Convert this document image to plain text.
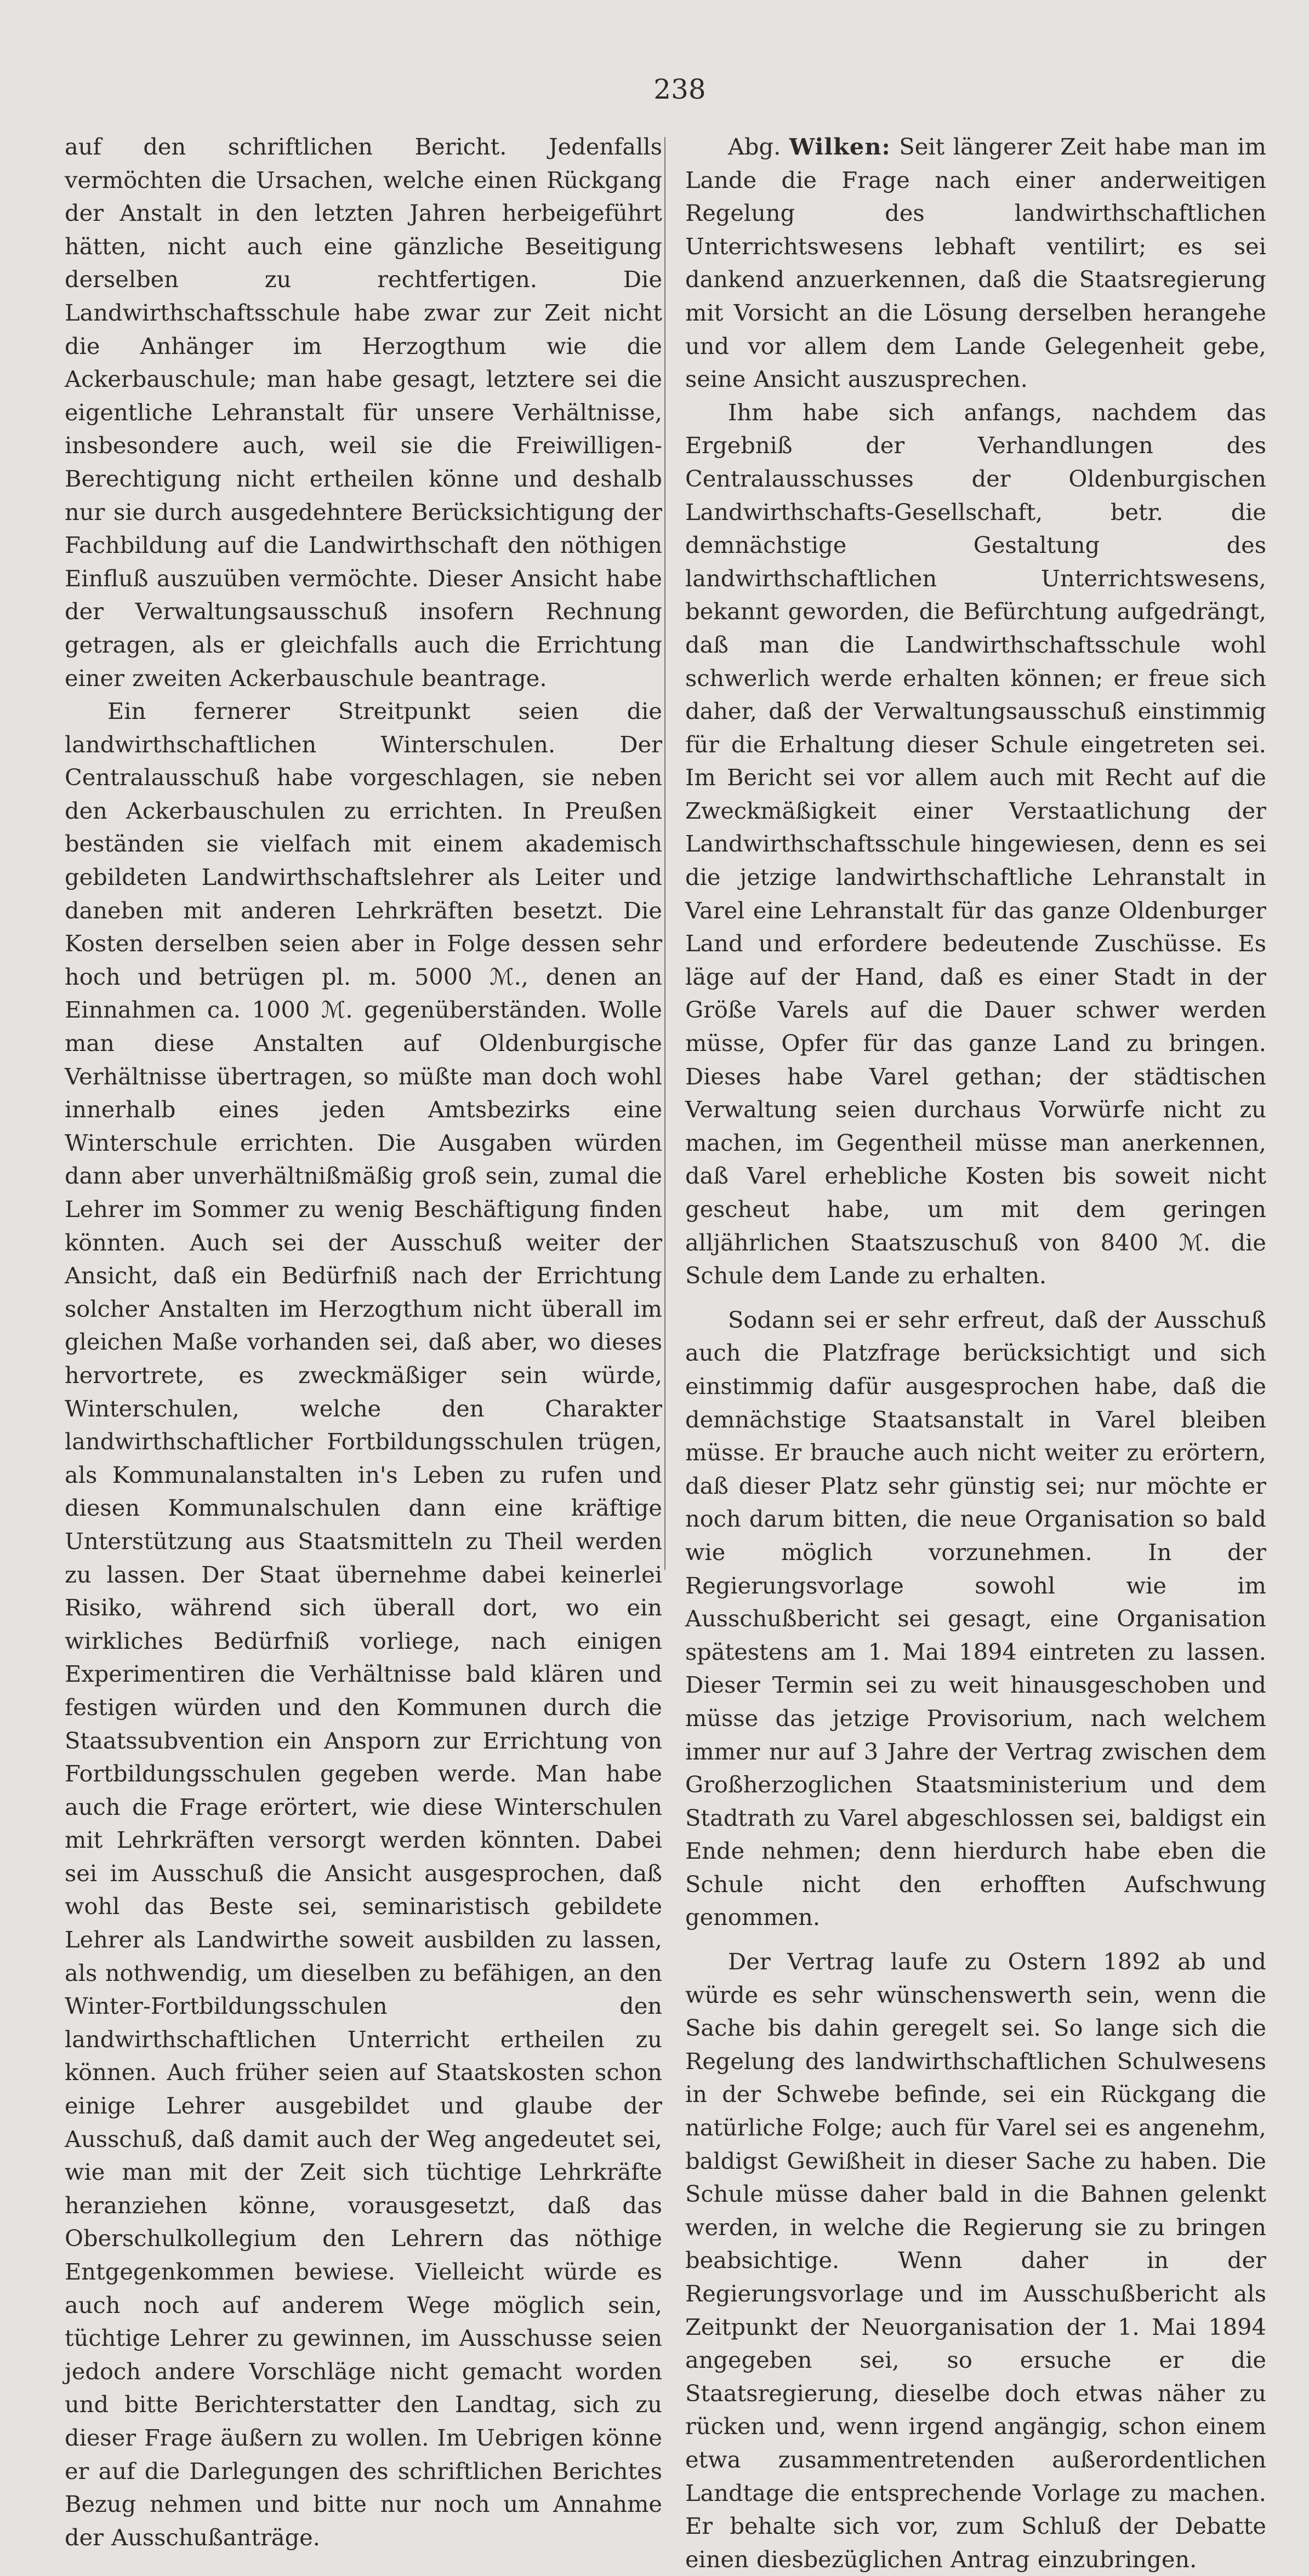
238

auf den schriftlichen Bericht. Jedenfalls vermöchten die Ursachen, welche einen Rückgang der Anstalt in den letzten Jahren herbeigeführt hätten, nicht auch eine gänzliche Beseitigung derselben zu rechtfertigen. Die Landwirthschaftsschule habe zwar zur Zeit nicht die Anhänger im Herzogthum wie die Ackerbauschule; man habe gesagt, letztere sei die eigentliche Lehranstalt für unsere Verhältnisse, insbesondere auch, weil sie die Freiwilligen-Berechtigung nicht ertheilen könne und deshalb nur sie durch ausgedehntere Berücksichtigung der Fachbildung auf die Landwirthschaft den nöthigen Einfluß auszuüben vermöchte. Dieser Ansicht habe der Verwaltungsausschuß insofern Rechnung getragen, als er gleichfalls auch die Errichtung einer zweiten Ackerbauschule beantrage.

Ein fernerer Streitpunkt seien die landwirthschaftlichen Winterschulen. Der Centralausschuß habe vorgeschlagen, sie neben den Ackerbauschulen zu errichten. In Preußen beständen sie vielfach mit einem akademisch gebildeten Landwirthschaftslehrer als Leiter und daneben mit anderen Lehrkräften besetzt. Die Kosten derselben seien aber in Folge dessen sehr hoch und betrügen pl. m. 5000 ℳ., denen an Einnahmen ca. 1000 ℳ. gegenüberständen. Wolle man diese Anstalten auf Oldenburgische Verhältnisse übertragen, so müßte man doch wohl innerhalb eines jeden Amtsbezirks eine Winterschule errichten. Die Ausgaben würden dann aber unverhältnißmäßig groß sein, zumal die Lehrer im Sommer zu wenig Beschäftigung finden könnten. Auch sei der Ausschuß weiter der Ansicht, daß ein Bedürfniß nach der Errichtung solcher Anstalten im Herzogthum nicht überall im gleichen Maße vorhanden sei, daß aber, wo dieses hervortrete, es zweckmäßiger sein würde, Winterschulen, welche den Charakter landwirthschaftlicher Fortbildungsschulen trügen, als Kommunalanstalten in's Leben zu rufen und diesen Kommunalschulen dann eine kräftige Unterstützung aus Staatsmitteln zu Theil werden zu lassen. Der Staat übernehme dabei keinerlei Risiko, während sich überall dort, wo ein wirkliches Bedürfniß vorliege, nach einigen Experimentiren die Verhältnisse bald klären und festigen würden und den Kommunen durch die Staatssubvention ein Ansporn zur Errichtung von Fortbildungsschulen gegeben werde. Man habe auch die Frage erörtert, wie diese Winterschulen mit Lehrkräften versorgt werden könnten. Dabei sei im Ausschuß die Ansicht ausgesprochen, daß wohl das Beste sei, seminaristisch gebildete Lehrer als Landwirthe soweit ausbilden zu lassen, als nothwendig, um dieselben zu befähigen, an den Winter-Fortbildungsschulen den landwirthschaftlichen Unterricht ertheilen zu können. Auch früher seien auf Staatskosten schon einige Lehrer ausgebildet und glaube der Ausschuß, daß damit auch der Weg angedeutet sei, wie man mit der Zeit sich tüchtige Lehrkräfte heranziehen könne, vorausgesetzt, daß das Oberschulkollegium den Lehrern das nöthige Entgegenkommen bewiese. Vielleicht würde es auch noch auf anderem Wege möglich sein, tüchtige Lehrer zu gewinnen, im Ausschusse seien jedoch andere Vorschläge nicht gemacht worden und bitte Berichterstatter den Landtag, sich zu dieser Frage äußern zu wollen. Im Uebrigen könne er auf die Darlegungen des schriftlichen Berichtes Bezug nehmen und bitte nur noch um Annahme der Ausschußanträge.

Abg. Wilken: Seit längerer Zeit habe man im Lande die Frage nach einer anderweitigen Regelung des landwirthschaftlichen Unterrichtswesens lebhaft ventilirt; es sei dankend anzuerkennen, daß die Staatsregierung mit Vorsicht an die Lösung derselben herangehe und vor allem dem Lande Gelegenheit gebe, seine Ansicht auszusprechen.

Ihm habe sich anfangs, nachdem das Ergebniß der Verhandlungen des Centralausschusses der Oldenburgischen Landwirthschafts-Gesellschaft, betr. die demnächstige Gestaltung des landwirthschaftlichen Unterrichtswesens, bekannt geworden, die Befürchtung aufgedrängt, daß man die Landwirthschaftsschule wohl schwerlich werde erhalten können; er freue sich daher, daß der Verwaltungsausschuß einstimmig für die Erhaltung dieser Schule eingetreten sei. Im Bericht sei vor allem auch mit Recht auf die Zweckmäßigkeit einer Verstaatlichung der Landwirthschaftsschule hingewiesen, denn es sei die jetzige landwirthschaftliche Lehranstalt in Varel eine Lehranstalt für das ganze Oldenburger Land und erfordere bedeutende Zuschüsse. Es läge auf der Hand, daß es einer Stadt in der Größe Varels auf die Dauer schwer werden müsse, Opfer für das ganze Land zu bringen. Dieses habe Varel gethan; der städtischen Verwaltung seien durchaus Vorwürfe nicht zu machen, im Gegentheil müsse man anerkennen, daß Varel erhebliche Kosten bis soweit nicht gescheut habe, um mit dem geringen alljährlichen Staatszuschuß von 8400 ℳ. die Schule dem Lande zu erhalten.

Sodann sei er sehr erfreut, daß der Ausschuß auch die Platzfrage berücksichtigt und sich einstimmig dafür ausgesprochen habe, daß die demnächstige Staatsanstalt in Varel bleiben müsse. Er brauche auch nicht weiter zu erörtern, daß dieser Platz sehr günstig sei; nur möchte er noch darum bitten, die neue Organisation so bald wie möglich vorzunehmen. In der Regierungsvorlage sowohl wie im Ausschußbericht sei gesagt, eine Organisation spätestens am 1. Mai 1894 eintreten zu lassen. Dieser Termin sei zu weit hinausgeschoben und müsse das jetzige Provisorium, nach welchem immer nur auf 3 Jahre der Vertrag zwischen dem Großherzoglichen Staatsministerium und dem Stadtrath zu Varel abgeschlossen sei, baldigst ein Ende nehmen; denn hierdurch habe eben die Schule nicht den erhofften Aufschwung genommen.

Der Vertrag laufe zu Ostern 1892 ab und würde es sehr wünschenswerth sein, wenn die Sache bis dahin geregelt sei. So lange sich die Regelung des landwirthschaftlichen Schulwesens in der Schwebe befinde, sei ein Rückgang die natürliche Folge; auch für Varel sei es angenehm, baldigst Gewißheit in dieser Sache zu haben. Die Schule müsse daher bald in die Bahnen gelenkt werden, in welche die Regierung sie zu bringen beabsichtige. Wenn daher in der Regierungsvorlage und im Ausschußbericht als Zeitpunkt der Neuorganisation der 1. Mai 1894 angegeben sei, so ersuche er die Staatsregierung, dieselbe doch etwas näher zu rücken und, wenn irgend angängig, schon einem etwa zusammentretenden außerordentlichen Landtage die entsprechende Vorlage zu machen. Er behalte sich vor, zum Schluß der Debatte einen diesbezüglichen Antrag einzubringen.
